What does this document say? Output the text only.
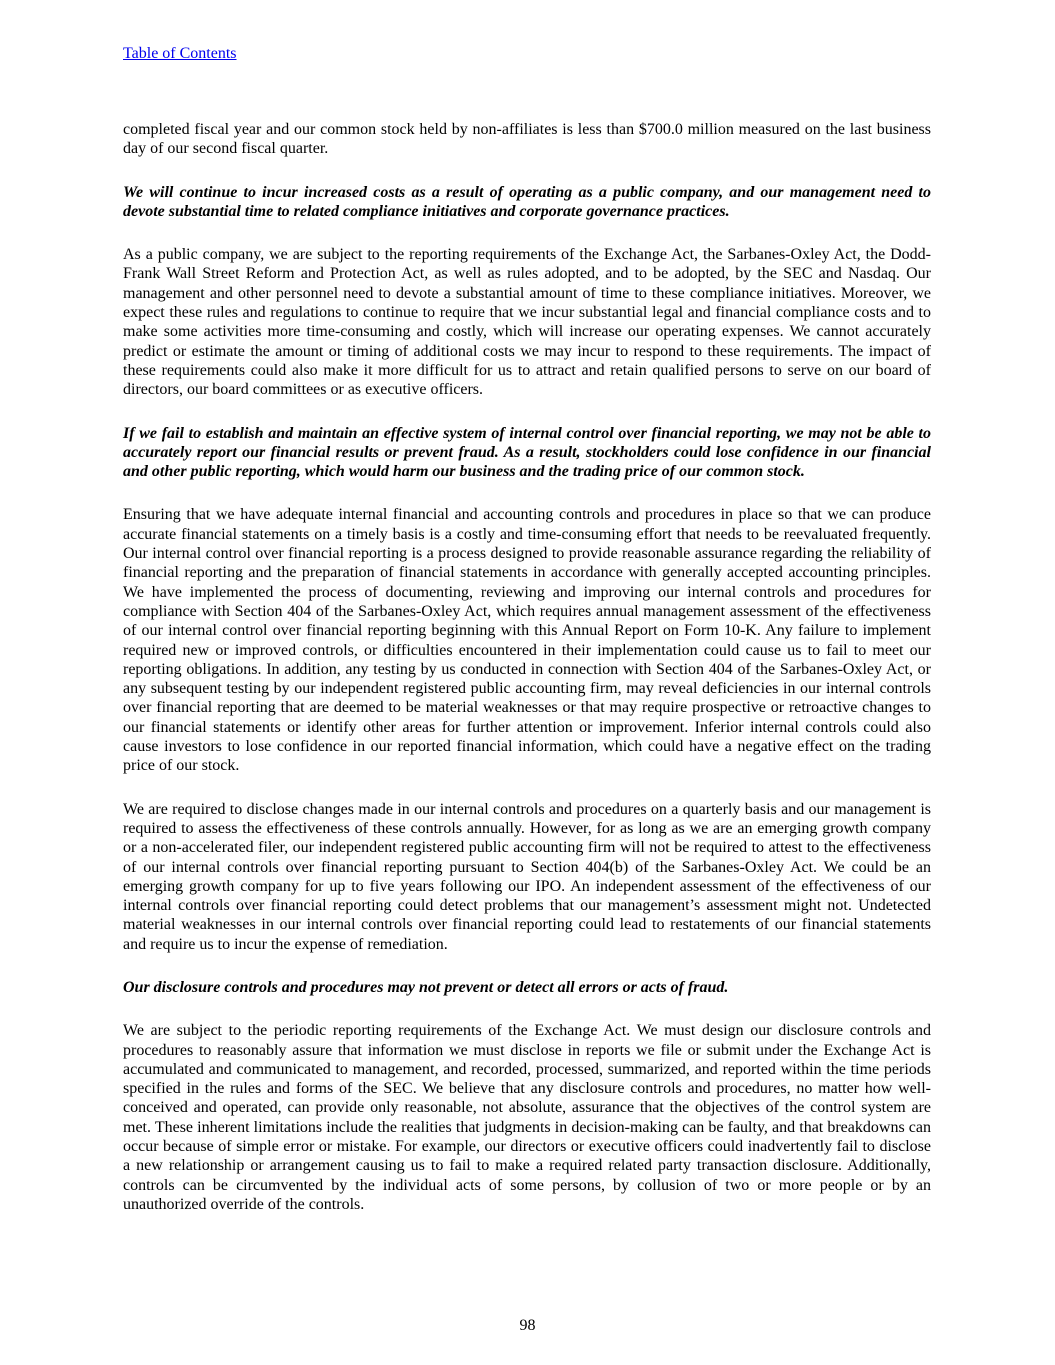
Table of Contents

completed fiscal year and our common stock held by non-affiliates is less than $700.0 million measured on the last business day of our second fiscal quarter.

We will continue to incur increased costs as a result of operating as a public company, and our management need to devote substantial time to related compliance initiatives and corporate governance practices.

As a public company, we are subject to the reporting requirements of the Exchange Act, the Sarbanes-Oxley Act, the Dodd-Frank Wall Street Reform and Protection Act, as well as rules adopted, and to be adopted, by the SEC and Nasdaq. Our management and other personnel need to devote a substantial amount of time to these compliance initiatives. Moreover, we expect these rules and regulations to continue to require that we incur substantial legal and financial compliance costs and to make some activities more time-consuming and costly, which will increase our operating expenses. We cannot accurately predict or estimate the amount or timing of additional costs we may incur to respond to these requirements. The impact of these requirements could also make it more difficult for us to attract and retain qualified persons to serve on our board of directors, our board committees or as executive officers.

If we fail to establish and maintain an effective system of internal control over financial reporting, we may not be able to accurately report our financial results or prevent fraud. As a result, stockholders could lose confidence in our financial and other public reporting, which would harm our business and the trading price of our common stock.

Ensuring that we have adequate internal financial and accounting controls and procedures in place so that we can produce accurate financial statements on a timely basis is a costly and time-consuming effort that needs to be reevaluated frequently. Our internal control over financial reporting is a process designed to provide reasonable assurance regarding the reliability of financial reporting and the preparation of financial statements in accordance with generally accepted accounting principles. We have implemented the process of documenting, reviewing and improving our internal controls and procedures for compliance with Section 404 of the Sarbanes-Oxley Act, which requires annual management assessment of the effectiveness of our internal control over financial reporting beginning with this Annual Report on Form 10-K. Any failure to implement required new or improved controls, or difficulties encountered in their implementation could cause us to fail to meet our reporting obligations. In addition, any testing by us conducted in connection with Section 404 of the Sarbanes-Oxley Act, or any subsequent testing by our independent registered public accounting firm, may reveal deficiencies in our internal controls over financial reporting that are deemed to be material weaknesses or that may require prospective or retroactive changes to our financial statements or identify other areas for further attention or improvement. Inferior internal controls could also cause investors to lose confidence in our reported financial information, which could have a negative effect on the trading price of our stock.

We are required to disclose changes made in our internal controls and procedures on a quarterly basis and our management is required to assess the effectiveness of these controls annually. However, for as long as we are an emerging growth company or a non-accelerated filer, our independent registered public accounting firm will not be required to attest to the effectiveness of our internal controls over financial reporting pursuant to Section 404(b) of the Sarbanes-Oxley Act. We could be an emerging growth company for up to five years following our IPO. An independent assessment of the effectiveness of our internal controls over financial reporting could detect problems that our management’s assessment might not. Undetected material weaknesses in our internal controls over financial reporting could lead to restatements of our financial statements and require us to incur the expense of remediation.

Our disclosure controls and procedures may not prevent or detect all errors or acts of fraud.

We are subject to the periodic reporting requirements of the Exchange Act. We must design our disclosure controls and procedures to reasonably assure that information we must disclose in reports we file or submit under the Exchange Act is accumulated and communicated to management, and recorded, processed, summarized, and reported within the time periods specified in the rules and forms of the SEC. We believe that any disclosure controls and procedures, no matter how well-conceived and operated, can provide only reasonable, not absolute, assurance that the objectives of the control system are met. These inherent limitations include the realities that judgments in decision-making can be faulty, and that breakdowns can occur because of simple error or mistake. For example, our directors or executive officers could inadvertently fail to disclose a new relationship or arrangement causing us to fail to make a required related party transaction disclosure. Additionally, controls can be circumvented by the individual acts of some persons, by collusion of two or more people or by an unauthorized override of the controls.

98
